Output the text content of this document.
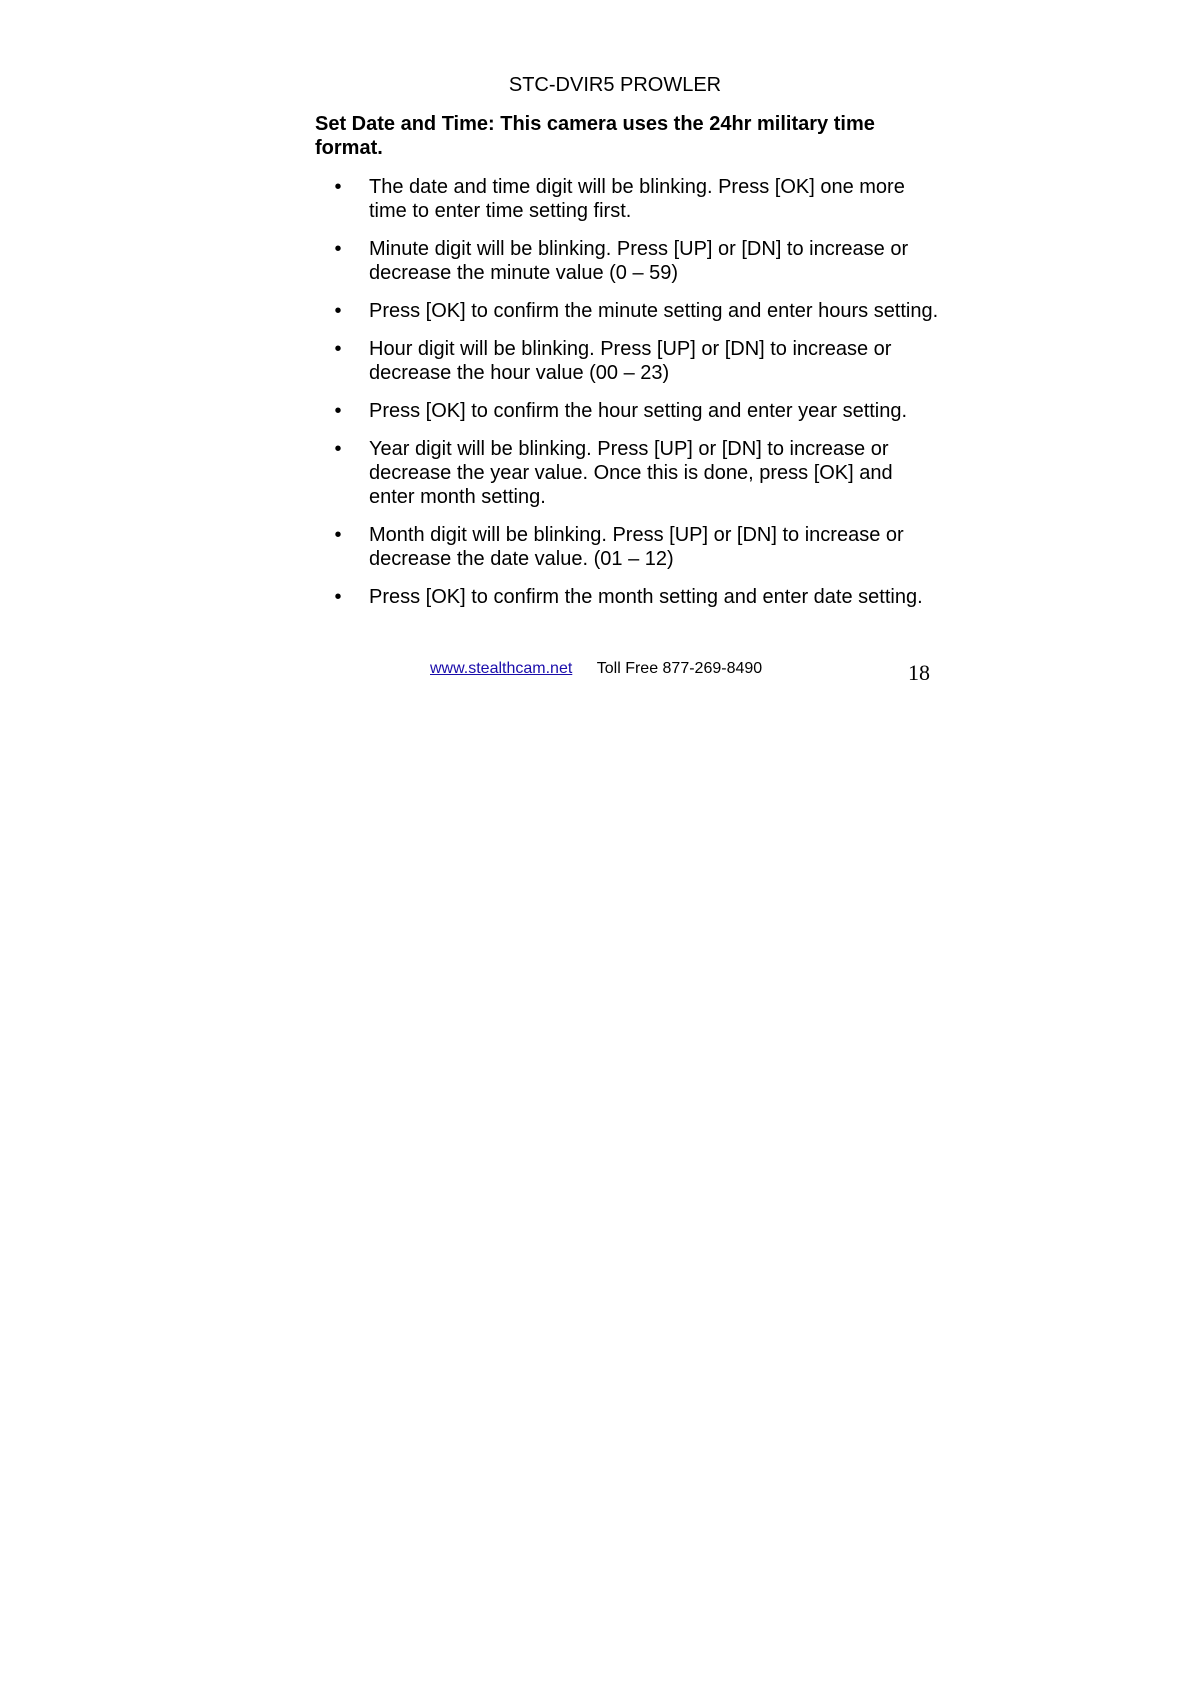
STC-DVIR5 PROWLER
Set Date and Time: This camera uses the 24hr military time format.
• The date and time digit will be blinking. Press [OK] one more time to enter time setting first.
• Minute digit will be blinking. Press [UP] or [DN] to increase or decrease the minute value (0 – 59)
• Press [OK] to confirm the minute setting and enter hours setting.
• Hour digit will be blinking. Press [UP] or [DN] to increase or decrease the hour value (00 – 23)
• Press [OK] to confirm the hour setting and enter year setting.
• Year digit will be blinking. Press [UP] or [DN] to increase or decrease the year value. Once this is done, press [OK] and enter month setting.
• Month digit will be blinking. Press [UP] or [DN] to increase or decrease the date value. (01 – 12)
• Press [OK] to confirm the month setting and enter date setting.
www.stealthcam.net Toll Free 877-269-8490	18
